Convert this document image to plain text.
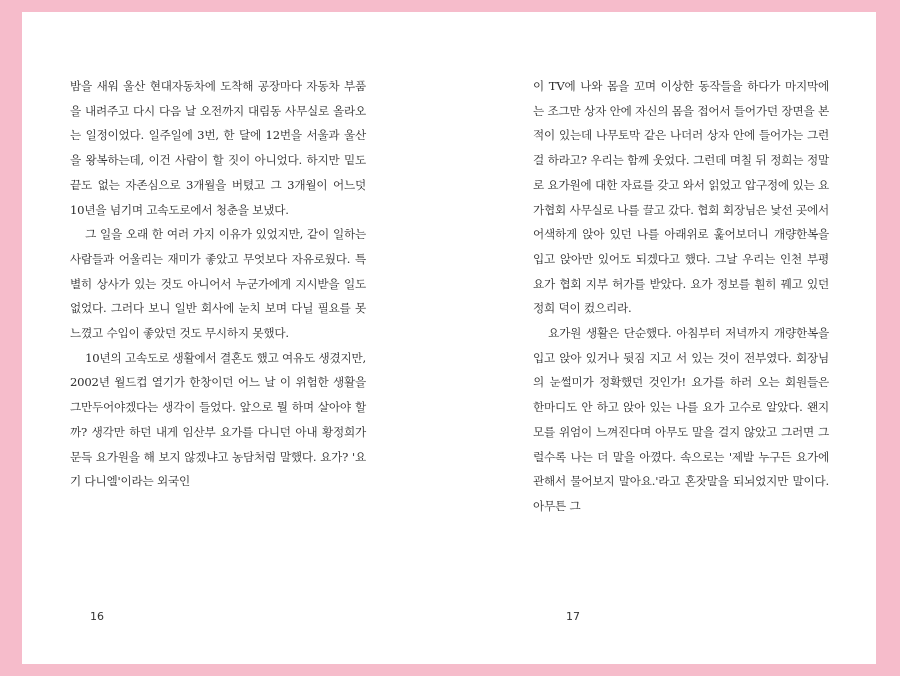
밤을 새워 울산 현대자동차에 도착해 공장마다 자동차 부품을 내려주고 다시 다음 날 오전까지 대림동 사무실로 올라오는 일정이었다. 일주일에 3번, 한 달에 12번을 서울과 울산을 왕복하는데, 이건 사람이 할 짓이 아니었다. 하지만 밑도 끝도 없는 자존심으로 3개월을 버텼고 그 3개월이 어느덧 10년을 넘기며 고속도로에서 청춘을 보냈다.

그 일을 오래 한 여러 가지 이유가 있었지만, 같이 일하는 사람들과 어울리는 재미가 좋았고 무엇보다 자유로웠다. 특별히 상사가 있는 것도 아니어서 누군가에게 지시받을 일도 없었다. 그러다 보니 일반 회사에 눈치 보며 다닐 필요를 못 느꼈고 수입이 좋았던 것도 무시하지 못했다.

10년의 고속도로 생활에서 결혼도 했고 여유도 생겼지만, 2002년 월드컵 열기가 한창이던 어느 날 이 위험한 생활을 그만두어야겠다는 생각이 들었다. 앞으로 뭘 하며 살아야 할까? 생각만 하던 내게 임산부 요가를 다니던 아내 황정희가 문득 요가원을 해 보지 않겠냐고 농담처럼 말했다. 요가? '요기 다니엘'이라는 외국인

이 TV에 나와 몸을 꼬며 이상한 동작들을 하다가 마지막에는 조그만 상자 안에 자신의 몸을 접어서 들어가던 장면을 본 적이 있는데 나무토막 같은 나더러 상자 안에 들어가는 그런 걸 하라고? 우리는 함께 웃었다. 그런데 며칠 뒤 정희는 정말로 요가원에 대한 자료를 갖고 와서 읽었고 압구정에 있는 요가협회 사무실로 나를 끌고 갔다. 협회 회장님은 낯선 곳에서 어색하게 앉아 있던 나를 아래위로 훑어보더니 개량한복을 입고 앉아만 있어도 되겠다고 했다. 그날 우리는 인천 부평 요가 협회 지부 허가를 받았다. 요가 정보를 훤히 꿰고 있던 정희 덕이 컸으리라.

요가원 생활은 단순했다. 아침부터 저녁까지 개량한복을 입고 앉아 있거나 뒷짐 지고 서 있는 것이 전부였다. 회장님의 눈썰미가 정확했던 것인가! 요가를 하러 오는 회원들은 한마디도 안 하고 앉아 있는 나를 요가 고수로 알았다. 왠지 모를 위엄이 느껴진다며 아무도 말을 걸지 않았고 그러면 그럴수록 나는 더 말을 아꼈다. 속으로는 '제발 누구든 요가에 관해서 물어보지 말아요.'라고 혼잣말을 되뇌었지만 말이다. 아무튼 그

16	17
